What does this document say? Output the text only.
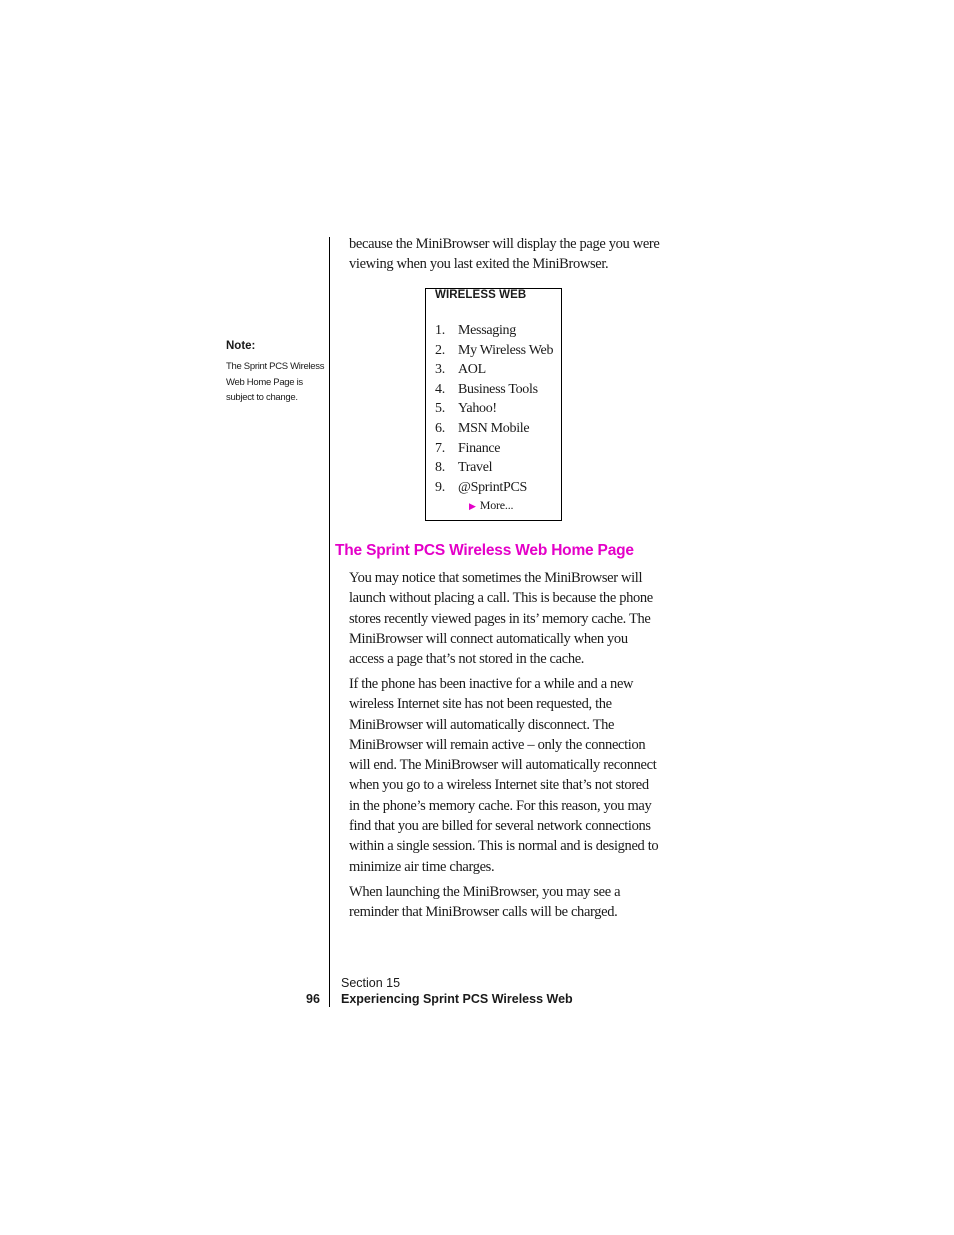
because the MiniBrowser will display the page you were viewing when you last exited the MiniBrowser.

Note:
The Sprint PCS Wireless Web Home Page is subject to change.
WIRELESS WEB
1. Messaging
2. My Wireless Web
3. AOL
4. Business Tools
5. Yahoo!
6. MSN Mobile
7. Finance
8. Travel
9. @SprintPCS
▶ More...
The Sprint PCS Wireless Web Home Page

You may notice that sometimes the MiniBrowser will launch without placing a call. This is because the phone stores recently viewed pages in its’ memory cache. The MiniBrowser will connect automatically when you access a page that’s not stored in the cache.

If the phone has been inactive for a while and a new wireless Internet site has not been requested, the MiniBrowser will automatically disconnect. The MiniBrowser will remain active – only the connection will end. The MiniBrowser will automatically reconnect when you go to a wireless Internet site that’s not stored in the phone’s memory cache. For this reason, you may find that you are billed for several network connections within a single session. This is normal and is designed to minimize air time charges.

When launching the MiniBrowser, you may see a reminder that MiniBrowser calls will be charged.

Section 15
Experiencing Sprint PCS Wireless Web
96
